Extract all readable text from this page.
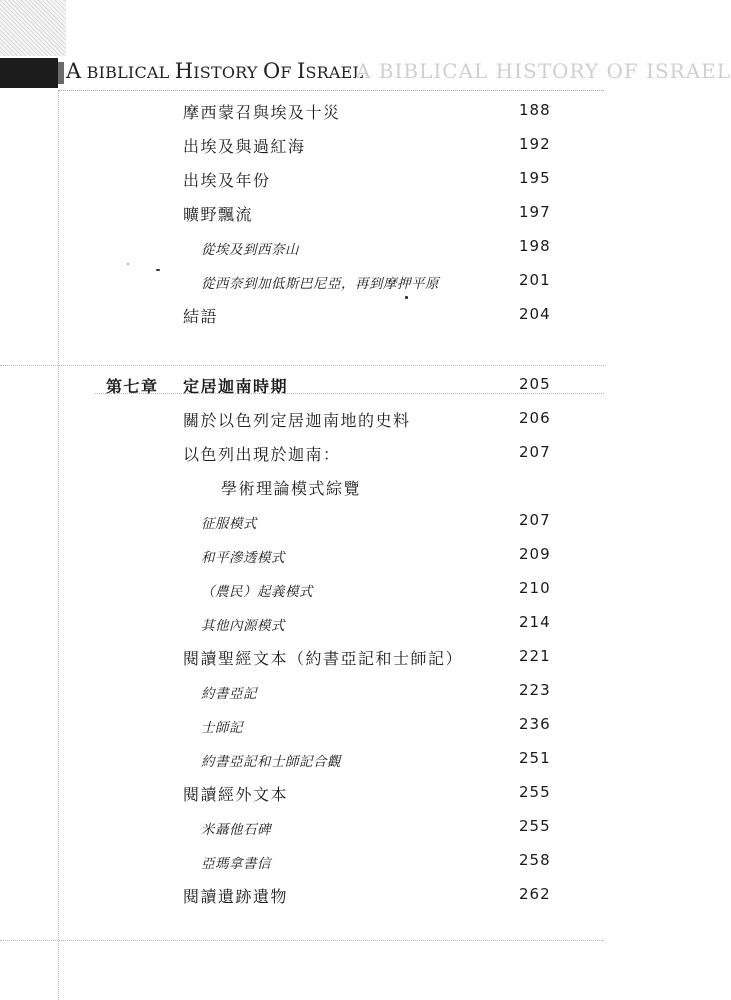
A BIBLICAL HISTORY OF ISRAEL
A BIBLICAL HISTORY OF ISRAEL
摩西蒙召與埃及十災	188
出埃及與過紅海	192
出埃及年份	195
曠野飄流	197
從埃及到西奈山	198
從西奈到加低斯巴尼亞，再到摩押平原	201
結語	204
第七章 定居迦南時期	205
關於以色列定居迦南地的史料	206
以色列出現於迦南：	207
學術理論模式綜覽
征服模式	207
和平滲透模式	209
（農民）起義模式	210
其他內源模式	214
閱讀聖經文本（約書亞記和士師記）	221
約書亞記	223
士師記	236
約書亞記和士師記合觀	251
閱讀經外文本	255
米聶他石碑	255
亞瑪拿書信	258
閱讀遺跡遺物	262
